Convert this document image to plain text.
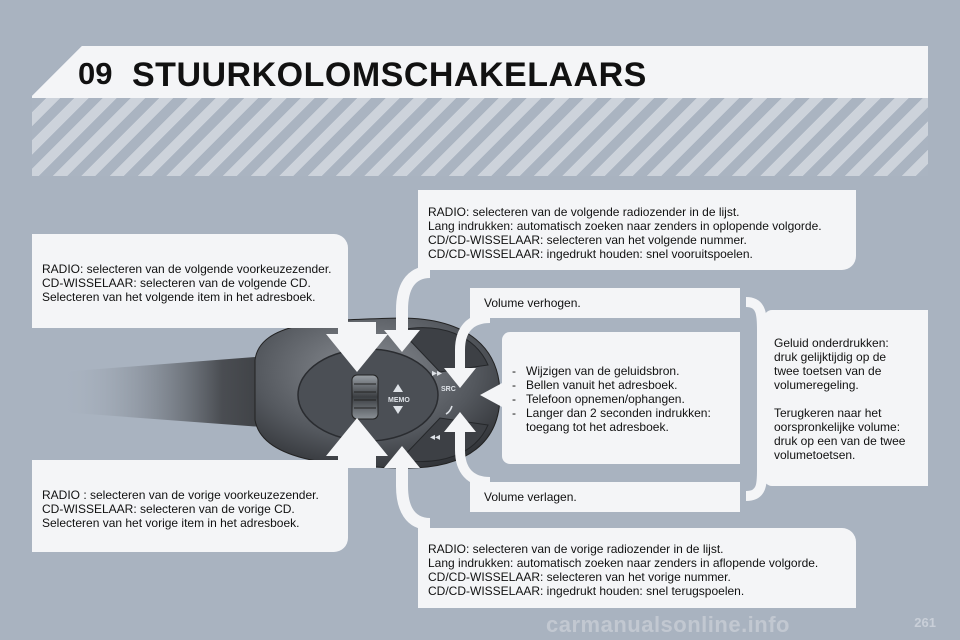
09 STUURKOLOMSCHAKELAARS
MEMO
▸▸
◂◂
SRC

RADIO: selecteren van de volgende voorkeuzezender.

CD-WISSELAAR: selecteren van de volgende CD.

Selecteren van het volgende item in het adresboek.

RADIO : selecteren van de vorige voorkeuzezender.

CD-WISSELAAR: selecteren van de vorige CD.

Selecteren van het vorige item in het adresboek.

RADIO: selecteren van de volgende radiozender in de lijst.

Lang indrukken: automatisch zoeken naar zenders in oplopende volgorde.

CD/CD-WISSELAAR: selecteren van het volgende nummer.

CD/CD-WISSELAAR: ingedrukt houden: snel vooruitspoelen.

RADIO: selecteren van de vorige radiozender in de lijst.

Lang indrukken: automatisch zoeken naar zenders in aflopende volgorde.

CD/CD-WISSELAAR: selecteren van het vorige nummer.

CD/CD-WISSELAAR: ingedrukt houden: snel terugspoelen.

Volume verhogen.

Volume verlagen.

- Wijzigen van de geluidsbron.
- Bellen vanuit het adresboek.
- Telefoon opnemen/ophangen.
- Langer dan 2 seconden indrukken: toegang tot het adresboek.

Geluid onderdrukken:

druk gelijktijdig op de

twee toetsen van de

volumeregeling.

Terugkeren naar het

oorspronkelijke volume:

druk op een van de twee

volumetoetsen.

carmanualsonline.info	261
